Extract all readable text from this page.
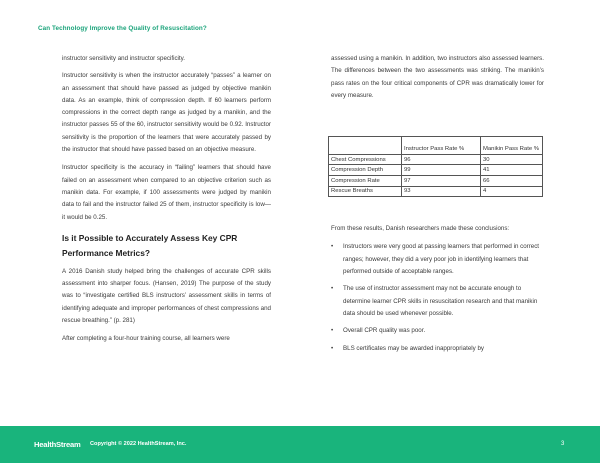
Can Technology Improve the Quality of Resuscitation?

instructor sensitivity and instructor specificity.

Instructor sensitivity is when the instructor accurately “passes” a learner on an assessment that should have passed as judged by objective manikin data. As an example, think of compression depth. If 60 learners perform compressions in the correct depth range as judged by a manikin, and the instructor passes 55 of the 60, instructor sensitivity would be 0.92. Instructor sensitivity is the proportion of the learners that were accurately passed by the instructor that should have passed based on an objective measure.

Instructor specificity is the accuracy in “failing” learners that should have failed on an assessment when compared to an objective criterion such as manikin data. For example, if 100 assessments were judged by manikin data to fail and the instructor failed 25 of them, instructor specificity is low—it would be 0.25.

Is it Possible to Accurately Assess Key CPR Performance Metrics?

A 2016 Danish study helped bring the challenges of accurate CPR skills assessment into sharper focus. (Hansen, 2019) The purpose of the study was to “investigate certified BLS instructors’ assessment skills in terms of identifying adequate and improper performances of chest compressions and rescue breathing.” (p. 281)

After completing a four-hour training course, all learners were

assessed using a manikin. In addition, two instructors also assessed learners. The differences between the two assessments was striking. The manikin’s pass rates on the four critical components of CPR was dramatically lower for every measure.

	Instructor Pass Rate %	Manikin Pass Rate %
Chest Compressions	96	30
Compression Depth	99	41
Compression Rate	97	66
Rescue Breaths	93	4

From these results, Danish researchers made these conclusions:

• Instructors were very good at passing learners that performed in correct ranges; however, they did a very poor job in identifying learners that performed outside of acceptable ranges.
• The use of instructor assessment may not be accurate enough to determine learner CPR skills in resuscitation research and that manikin data should be used whenever possible.
• Overall CPR quality was poor.
• BLS certificates may be awarded inappropriately by
HealthStream Copyright © 2022 HealthStream, Inc.	3
